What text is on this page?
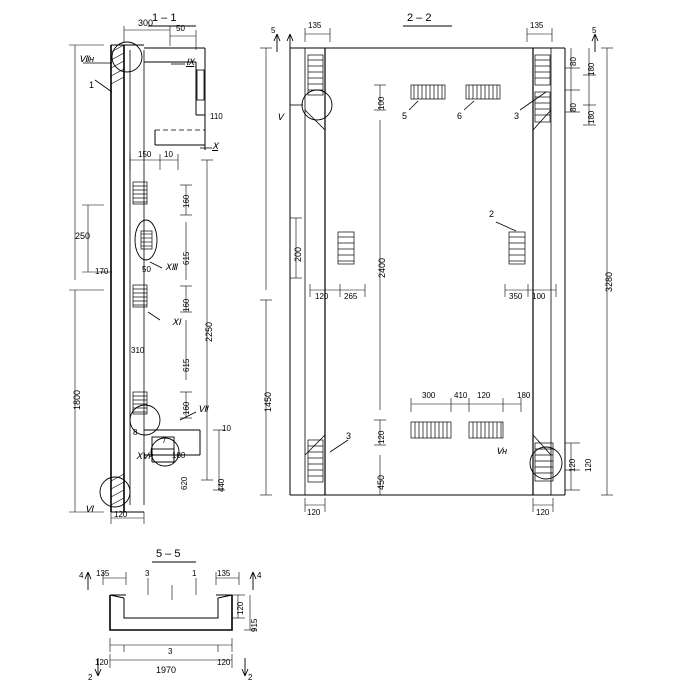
1 – 1
300
50
Ⅶн	Ⅸ
Ⅹ
1
110
150 10
160
615
250
170	50 ⅩⅢ
160
ⅩⅠ
310
615
1800
2250
160 Ⅶ
8
7
10
ⅩⅤн 180
620	440
Ⅵ
120
2 – 2
135	135
5	5
80
80
180
180
Ⅴ
100
5	6	3
2400
3280
200
1450
2
120 265	350 100
300 410 120	180
120
450
3
Ⅴн
120 120
120	120
5 – 5
4	4
135	135
3	1
120
915
120	120
3
1970
2	2
